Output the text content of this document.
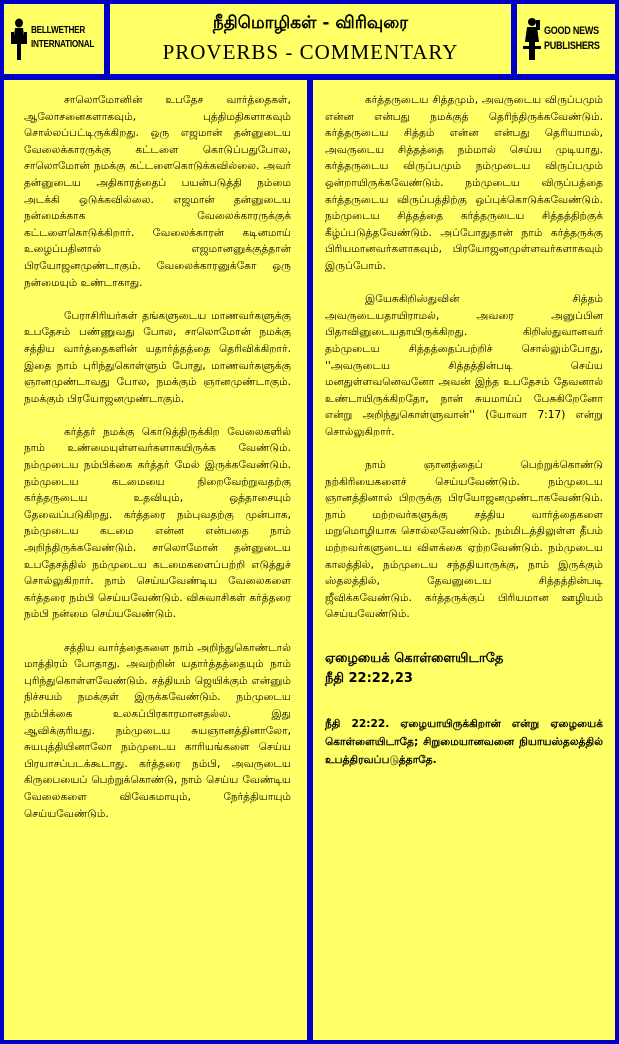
BELLWETHER
INTERNATIONAL
நீதிமொழிகள் - விரிவுரை
PROVERBS - COMMENTARY
GOOD NEWS
PUBLISHERS

சாலொமோனின் உபதேச வார்த்தைகள், ஆலோசனைகளாகவும், புத்திமதிகளாகவும் சொல்லப்பட்டிருக்கிறது. ஒரு எஜமான் தன்னுடைய வேலைக்காரருக்கு கட்டளை கொடுப்பதுபோல, சாலொமோன் நமக்கு கட்டளைகொடுக்கவில்லை. அவர் தன்னுடைய அதிகாரத்தைப் பயன்படுத்தி நம்மை அடக்கி ஒடுக்கவில்லை. எஜமான் தன்னுடைய நன்மைக்காக வேலைக்காரருக்குக் கட்டளைகொடுக்கிறார். வேலைக்காரன் கடினமாய் உழைப்பதினால் எஜமானனுக்குத்தான் பிரயோஜனமுண்டாகும். வேலைக்காரனுக்கோ ஒரு நன்மையும் உண்டாகாது.

பேராசிரியர்கள் தங்களுடைய மாணவர்களுக்கு உபதேசம் பண்ணுவது போல, சாலொமோன் நமக்கு சத்திய வார்த்தைகளின் யதார்த்தத்தை தெரிவிக்கிறார். இதை நாம் புரிந்துகொள்ளும் போது, மாணவர்களுக்கு ஞானமுண்டாவது போல, நமக்கும் ஞானமுண்டாகும். நமக்கும் பிரயோஜனமுண்டாகும்.

கர்த்தர் நமக்கு கொடுத்திருக்கிற வேலைகளில் நாம் உண்மையுள்ளவர்களாகயிருக்க வேண்டும். நம்முடைய நம்பிக்கை கர்த்தர் மேல் இருக்கவேண்டும். நம்முடைய கடமையை நிறைவேற்றுவதற்கு கர்த்தருடைய உதவியும், ஒத்தாசையும் தேவைப்படுகிறது. கர்த்தரை நம்புவதற்கு முன்பாக, நம்முடைய கடமை என்ன என்பதை நாம் அறிந்திருக்கவேண்டும். சாலொமோன் தன்னுடைய உபதேசத்தில் நம்முடைய கடமைகளைப்பற்றி எடுத்துச் சொல்லுகிறார். நாம் செய்யவேண்டிய வேலைகளை கர்த்தரை நம்பி செய்யவேண்டும். விசுவாசிகள் கர்த்தரை நம்பி நன்மை செய்யவேண்டும்.

சத்திய வார்த்தைகளை நாம் அறிந்துகொண்டால் மாத்திரம் போதாது. அவற்றின் யதார்த்தத்தையும் நாம் புரிந்துகொள்ளவேண்டும். சத்தியம் ஜெயிக்கும் என்னும் நிச்சயம் நமக்குள் இருக்கவேண்டும். நம்முடைய நம்பிக்கை உலகப்பிரகாரமானதல்ல. இது ஆவிக்குரியது. நம்முடைய சுயஞானத்தினாலோ, சுயபுத்தியினாலோ நம்முடைய காரியங்களை செய்ய பிரயாசப்படக்கூடாது. கர்த்தரை நம்பி, அவருடைய கிருபையைப் பெற்றுக்கொண்டு, நாம் செய்ய வேண்டிய வேலைகளை விவேகமாயும், நேர்த்தியாயும் செய்யவேண்டும்.

கர்த்தருடைய சித்தமும், அவருடைய விருப்பமும் என்ன என்பது நமக்குத் தெரிந்திருக்கவேண்டும். கர்த்தருடைய சித்தம் என்ன என்பது தெரியாமல், அவருடைய சித்தத்தை நம்மால் செய்ய முடியாது. கர்த்தருடைய விருப்பமும் நம்முடைய விருப்பமும் ஒன்றாயிருக்கவேண்டும். நம்முடைய விருப்பத்தை கர்த்தருடைய விருப்பத்திற்கு ஒப்புக்கொடுக்கவேண்டும். நம்முடைய சித்தத்தை கர்த்தருடைய சித்தத்திற்குக் கீழ்ப்படுத்தவேண்டும். அப்போதுதான் நாம் கர்த்தருக்கு பிரியமானவர்களாகவும், பிரயோஜனமுள்ளவர்களாகவும் இருப்போம்.

இயேசுகிறிஸ்துவின் சித்தம் அவருடையதாயிராமல், அவரை அனுப்பின பிதாவினுடையதாயிருக்கிறது. கிறிஸ்துவானவர் தம்முடைய சித்தத்தைப்பற்றிச் சொல்லும்போது, ''அவருடைய சித்தத்தின்படி செய்ய மனதுள்ளவனெவனோ அவன் இந்த உபதேசம் தேவனால் உண்டாயிருக்கிறதோ, நான் சுயமாய்ப் பேசுகிறேனோ என்று அறிந்துகொள்ளுவான்'' (யோவா 7:17) என்று சொல்லுகிறார்.

நாம் ஞானத்தைப் பெற்றுக்கொண்டு நற்கிரியைகளைச் செய்யவேண்டும். நம்முடைய ஞானத்தினால் பிறருக்கு பிரயோஜனமுண்டாகவேண்டும். நாம் மற்றவர்களுக்கு சத்திய வார்த்தைகளை மறுமொழியாக சொல்லவேண்டும். நம்மிடத்திலுள்ள தீபம் மற்றவர்களுடைய விளக்கை ஏற்றவேண்டும். நம்முடைய காலத்தில், நம்முடைய சந்ததியாருக்கு, நாம் இருக்கும் ஸ்தலத்தில், தேவனுடைய சித்தத்தின்படி ஜீவிக்கவேண்டும். கர்த்தருக்குப் பிரியமான ஊழியம் செய்யவேண்டும்.

ஏழையைக் கொள்ளையிடாதே
நீதி 22:22,23

நீதி 22:22. ஏழையாயிருக்கிறான் என்று ஏழையைக் கொள்ளையிடாதே; சிறுமையானவனை நியாயஸ்தலத்தில் உபத்திரவப்படுத்தாதே.
